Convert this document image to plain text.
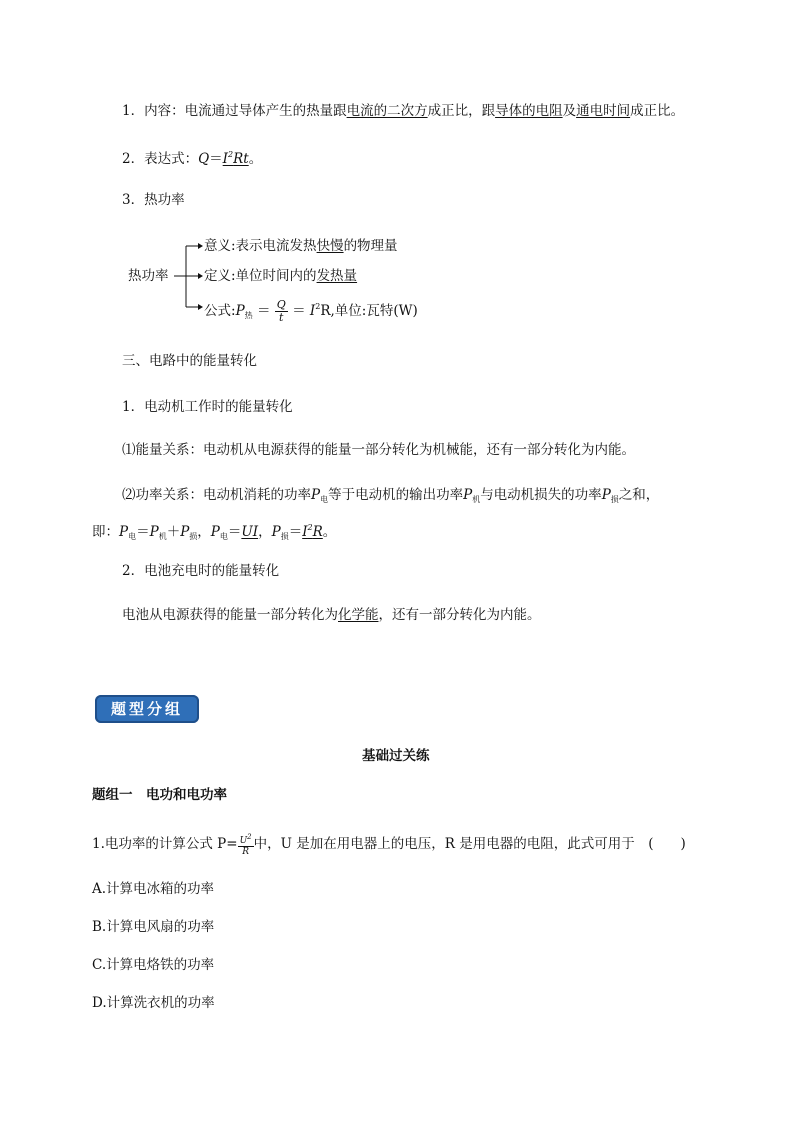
1．内容：电流通过导体产生的热量跟电流的二次方成正比，跟导体的电阻及通电时间成正比。
2．表达式：$Q=I^2Rt$。
3．热功率
热功率
意义:表示电流发热快慢的物理量
定义:单位时间内的发热量
公式$:P_热 = \frac{Q}{t} = I^2R$,单位:瓦特(W)
三、电路中的能量转化
1．电动机工作时的能量转化
⑴能量关系：电动机从电源获得的能量一部分转化为机械能，还有一部分转化为内能。
⑵功率关系：电动机消耗的功率$P_电$等于电动机的输出功率$P_机$与电动机损失的功率$P_损$之和，
即：$P_电=P_机+P_损$，$P_电=UI$，$P_损=I^2R$。
2．电池充电时的能量转化
电池从电源获得的能量一部分转化为化学能，还有一部分转化为内能。
题型分组
基础过关练
题组一　电功和电功率
1.电功率的计算公式 $P= \frac{U^2}{R}$ 中，U 是加在用电器上的电压，R 是用电器的电阻，此式可用于　(　　)
A.计算电冰箱的功率
B.计算电风扇的功率
C.计算电烙铁的功率
D.计算洗衣机的功率
